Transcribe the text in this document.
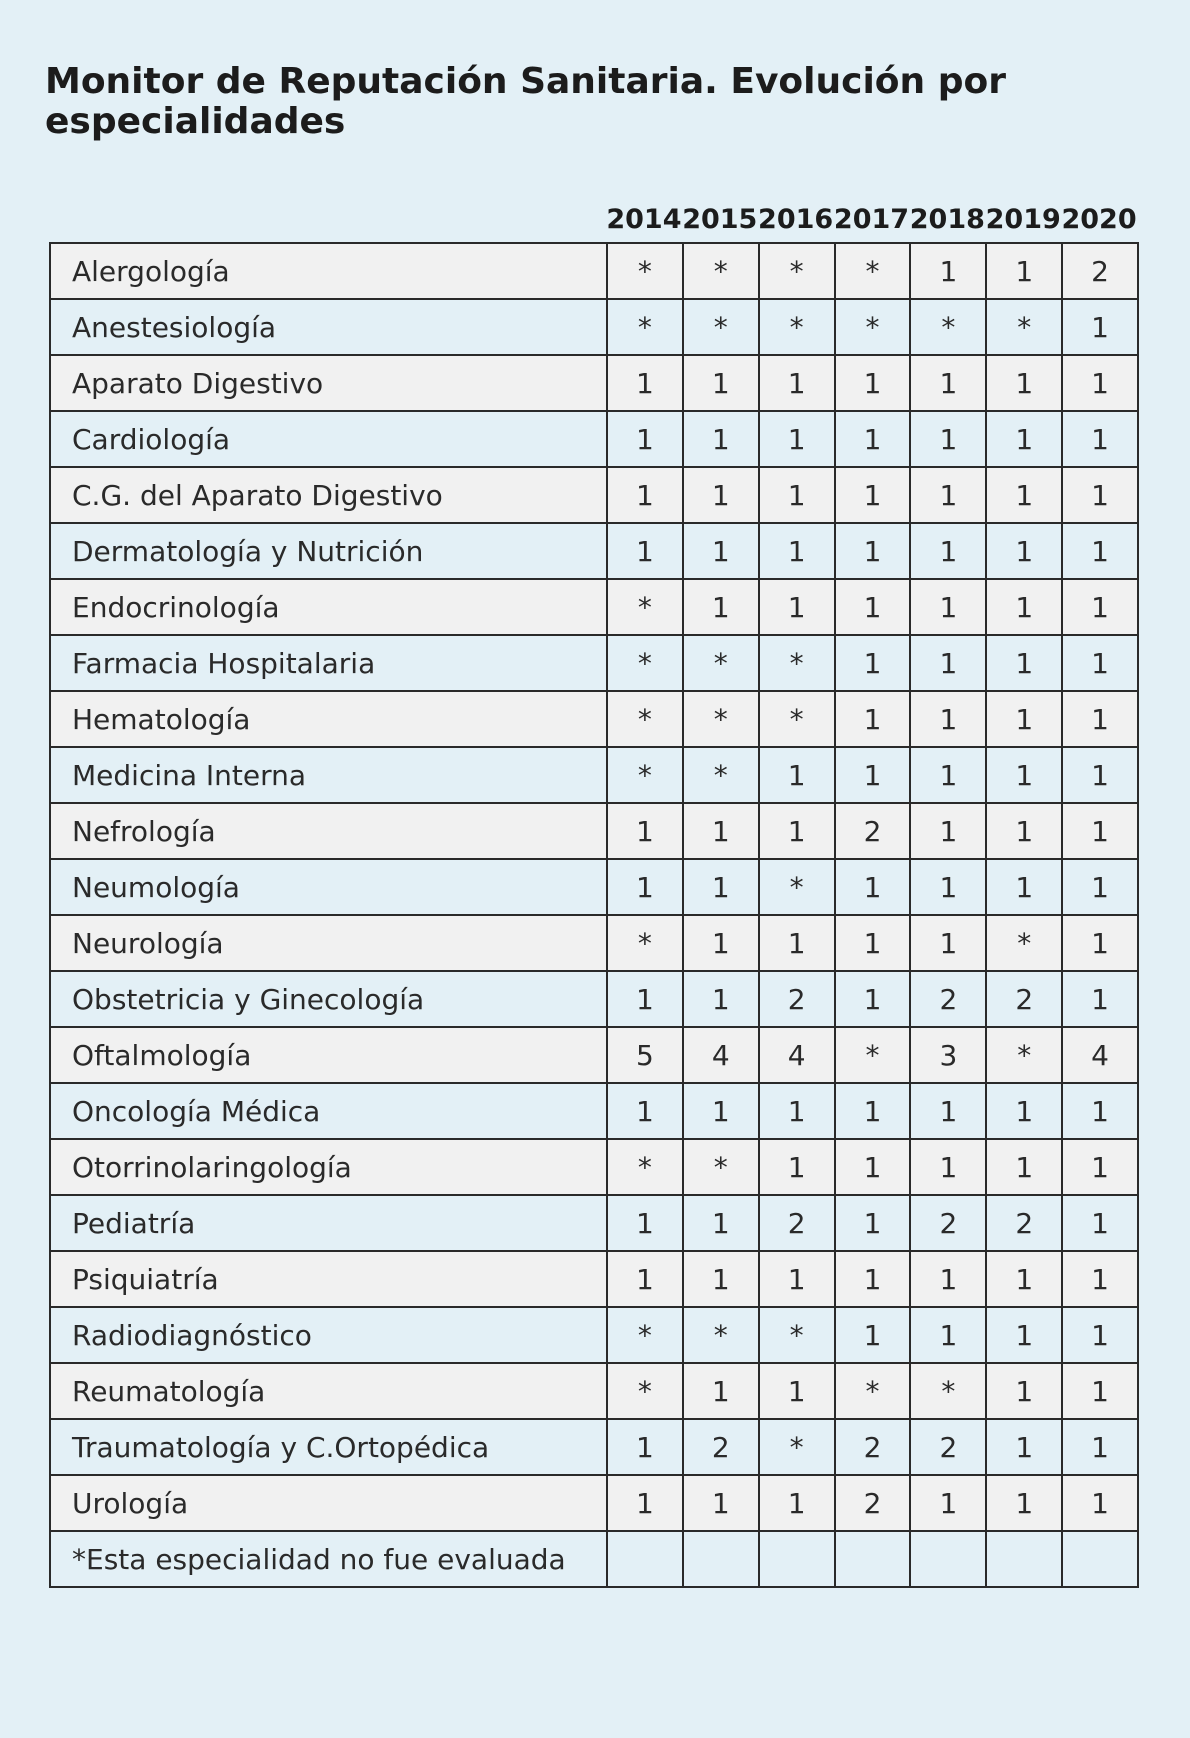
Monitor de Reputación Sanitaria. Evolución por especialidades
2014 2015 2016 2017 2018 2019 2020
Alergología	*	*	*	*	1	1	2
Anestesiología	*	*	*	*	*	*	1
Aparato Digestivo	1	1	1	1	1	1	1
Cardiología	1	1	1	1	1	1	1
C.G. del Aparato Digestivo	1	1	1	1	1	1	1
Dermatología y Nutrición	1	1	1	1	1	1	1
Endocrinología	*	1	1	1	1	1	1
Farmacia Hospitalaria	*	*	*	1	1	1	1
Hematología	*	*	*	1	1	1	1
Medicina Interna	*	*	1	1	1	1	1
Nefrología	1	1	1	2	1	1	1
Neumología	1	1	*	1	1	1	1
Neurología	*	1	1	1	1	*	1
Obstetricia y Ginecología	1	1	2	1	2	2	1
Oftalmología	5	4	4	*	3	*	4
Oncología Médica	1	1	1	1	1	1	1
Otorrinolaringología	*	*	1	1	1	1	1
Pediatría	1	1	2	1	2	2	1
Psiquiatría	1	1	1	1	1	1	1
Radiodiagnóstico	*	*	*	1	1	1	1
Reumatología	*	1	1	*	*	1	1
Traumatología y C.Ortopédica	1	2	*	2	2	1	1
Urología	1	1	1	2	1	1	1
*Esta especialidad no fue evaluada							
